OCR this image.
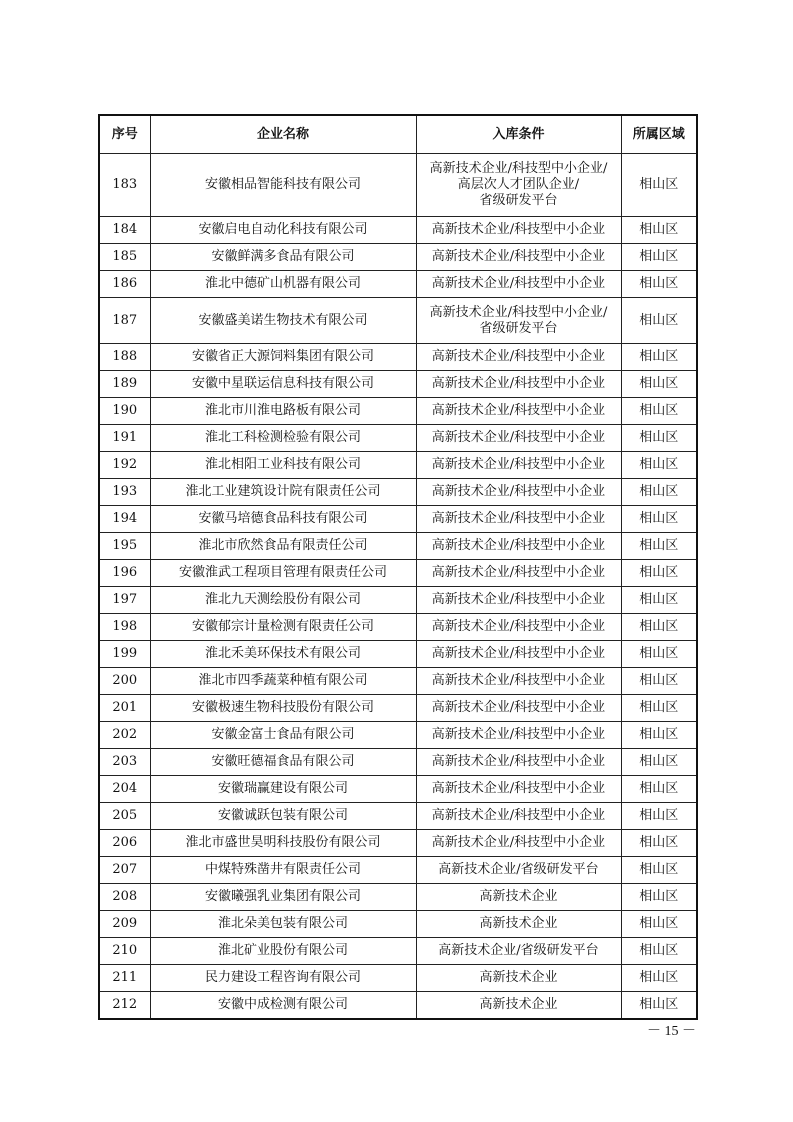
序号	企业名称	入库条件	所属区域
183	安徽相品智能科技有限公司	高新技术企业/科技型中小企业/
高层次人才团队企业/
省级研发平台	相山区
184	安徽启电自动化科技有限公司	高新技术企业/科技型中小企业	相山区
185	安徽鲜满多食品有限公司	高新技术企业/科技型中小企业	相山区
186	淮北中德矿山机器有限公司	高新技术企业/科技型中小企业	相山区
187	安徽盛美诺生物技术有限公司	高新技术企业/科技型中小企业/
省级研发平台	相山区
188	安徽省正大源饲料集团有限公司	高新技术企业/科技型中小企业	相山区
189	安徽中星联运信息科技有限公司	高新技术企业/科技型中小企业	相山区
190	淮北市川淮电路板有限公司	高新技术企业/科技型中小企业	相山区
191	淮北工科检测检验有限公司	高新技术企业/科技型中小企业	相山区
192	淮北相阳工业科技有限公司	高新技术企业/科技型中小企业	相山区
193	淮北工业建筑设计院有限责任公司	高新技术企业/科技型中小企业	相山区
194	安徽马培德食品科技有限公司	高新技术企业/科技型中小企业	相山区
195	淮北市欣然食品有限责任公司	高新技术企业/科技型中小企业	相山区
196	安徽淮武工程项目管理有限责任公司	高新技术企业/科技型中小企业	相山区
197	淮北九天测绘股份有限公司	高新技术企业/科技型中小企业	相山区
198	安徽郁宗计量检测有限责任公司	高新技术企业/科技型中小企业	相山区
199	淮北禾美环保技术有限公司	高新技术企业/科技型中小企业	相山区
200	淮北市四季蔬菜种植有限公司	高新技术企业/科技型中小企业	相山区
201	安徽极速生物科技股份有限公司	高新技术企业/科技型中小企业	相山区
202	安徽金富士食品有限公司	高新技术企业/科技型中小企业	相山区
203	安徽旺德福食品有限公司	高新技术企业/科技型中小企业	相山区
204	安徽瑞赢建设有限公司	高新技术企业/科技型中小企业	相山区
205	安徽诚跃包装有限公司	高新技术企业/科技型中小企业	相山区
206	淮北市盛世昊明科技股份有限公司	高新技术企业/科技型中小企业	相山区
207	中煤特殊凿井有限责任公司	高新技术企业/省级研发平台	相山区
208	安徽曦强乳业集团有限公司	高新技术企业	相山区
209	淮北朵美包装有限公司	高新技术企业	相山区
210	淮北矿业股份有限公司	高新技术企业/省级研发平台	相山区
211	民力建设工程咨询有限公司	高新技术企业	相山区
212	安徽中成检测有限公司	高新技术企业	相山区
－ 15 －
